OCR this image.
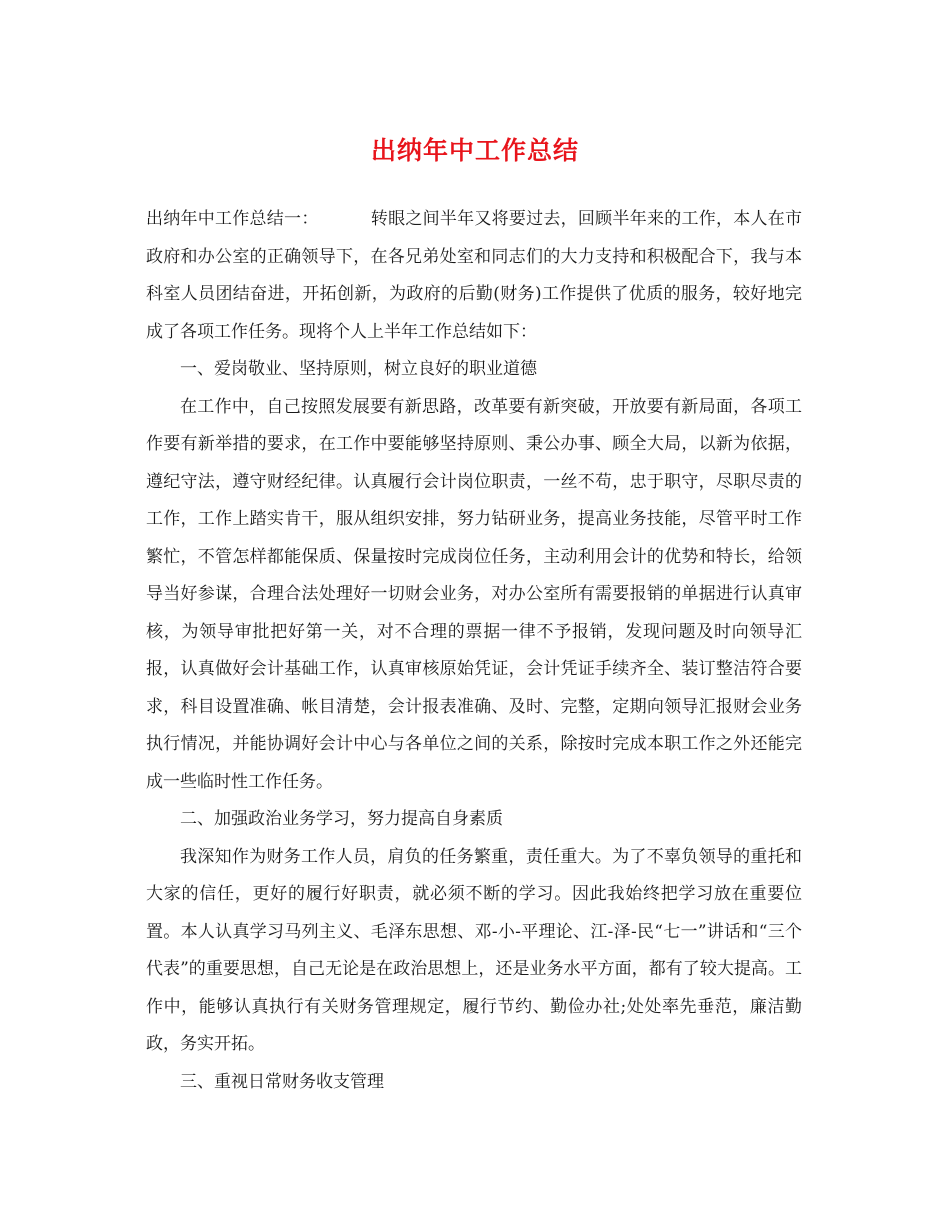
出纳年中工作总结

出纳年中工作总结一：	转眼之间半年又将要过去，回顾半年来的工作，本人在市政府和办公室的正确领导下，在各兄弟处室和同志们的大力支持和积极配合下，我与本科室人员团结奋进，开拓创新，为政府的后勤(财务)工作提供了优质的服务，较好地完成了各项工作任务。现将个人上半年工作总结如下：

一、爱岗敬业、坚持原则，树立良好的职业道德

在工作中，自己按照发展要有新思路，改革要有新突破，开放要有新局面，各项工作要有新举措的要求，在工作中要能够坚持原则、秉公办事、顾全大局，以新为依据，遵纪守法，遵守财经纪律。认真履行会计岗位职责，一丝不苟，忠于职守，尽职尽责的工作，工作上踏实肯干，服从组织安排，努力钻研业务，提高业务技能，尽管平时工作繁忙，不管怎样都能保质、保量按时完成岗位任务，主动利用会计的优势和特长，给领导当好参谋，合理合法处理好一切财会业务，对办公室所有需要报销的单据进行认真审核，为领导审批把好第一关，对不合理的票据一律不予报销，发现问题及时向领导汇报，认真做好会计基础工作，认真审核原始凭证，会计凭证手续齐全、装订整洁符合要求，科目设置准确、帐目清楚，会计报表准确、及时、完整，定期向领导汇报财会业务执行情况，并能协调好会计中心与各单位之间的关系，除按时完成本职工作之外还能完成一些临时性工作任务。

二、加强政治业务学习，努力提高自身素质

我深知作为财务工作人员，肩负的任务繁重，责任重大。为了不辜负领导的重托和大家的信任，更好的履行好职责，就必须不断的学习。因此我始终把学习放在重要位置。本人认真学习马列主义、毛泽东思想、邓-小-平理论、江-泽-民“七一”讲话和“三个代表”的重要思想，自己无论是在政治思想上，还是业务水平方面，都有了较大提高。工作中，能够认真执行有关财务管理规定，履行节约、勤俭办社;处处率先垂范，廉洁勤政，务实开拓。

三、重视日常财务收支管理
